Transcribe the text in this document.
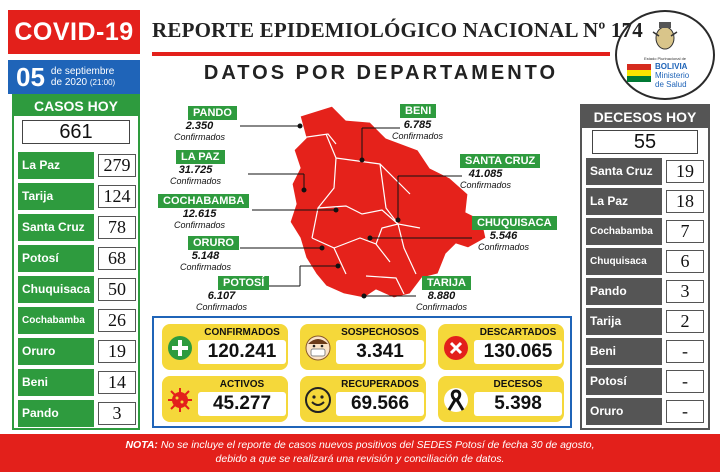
COVID-19 REPORTE EPIDEMIOLÓGICO NACIONAL Nº 174
05 de septiembre
de 2020 (21:00)	DATOS POR DEPARTAMENTO
Estado Plurinacional de
BOLIVIA
Ministerio
de Salud
CASOS HOY
661
La Paz	279
Tarija	124
Santa Cruz	78
Potosí	68
Chuquisaca 50
Cochabamba	26
Oruro	19
Beni	14
Pando	3
DECESOS HOY
55
Santa Cruz	19
La Paz	18
Cochabamba	7
Chuquisaca	6
Pando	3
Tarija	2
Beni	-
Potosí	-
Oruro	-
PANDO
2.350
Confirmados
BENI
6.785
Confirmados
LA PAZ
31.725
Confirmados
SANTA CRUZ
41.085
Confirmados
COCHABAMBA
12.615
Confirmados	CHUQUISACA
5.546
Confirmados
ORURO
5.148
Confirmados
POTOSÍ
6.107
Confirmados
TARIJA
8.880
Confirmados
CONFIRMADOS
120.241
SOSPECHOSOS
3.341
DESCARTADOS
130.065
ACTIVOS
45.277
RECUPERADOS
69.566
DECESOS
5.398
NOTA: No se incluye el reporte de casos nuevos positivos del SEDES Potosí de fecha 30 de agosto,
debido a que se realizará una revisión y conciliación de datos.
